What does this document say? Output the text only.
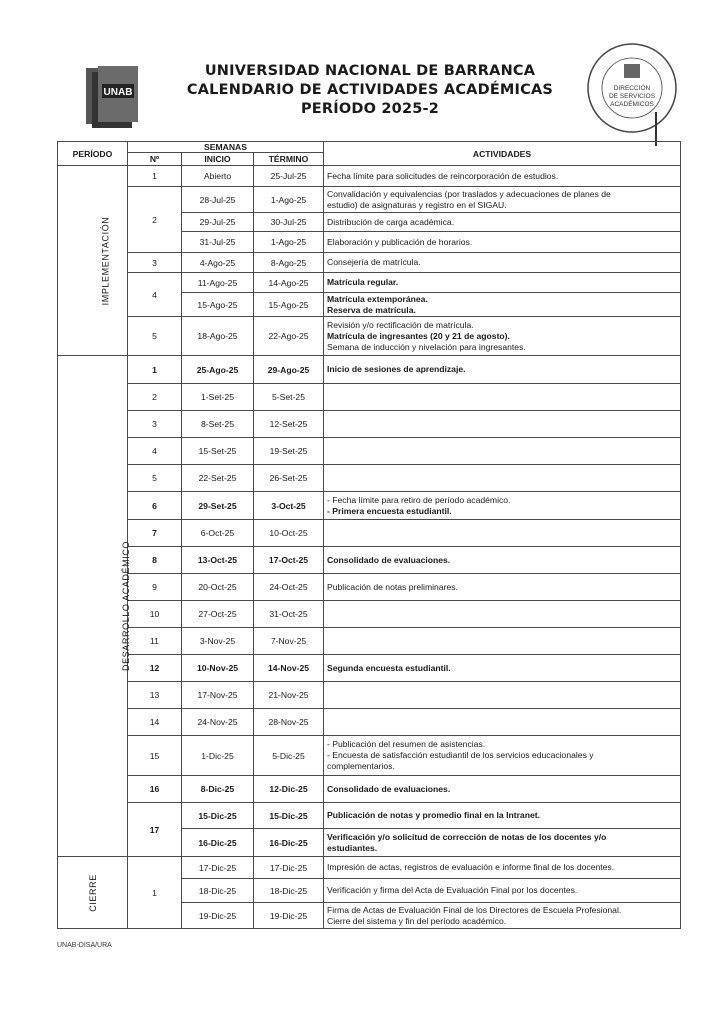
UNAB
UNIVERSIDAD NACIONAL DE BARRANCA
CALENDARIO DE ACTIVIDADES ACADÉMICAS
PERÍODO 2025-2
DIRECCIÓN
DE SERVICIOS
ACADÉMICOS
PERÍODO	SEMANAS			ACTIVIDADES
	Nº	INICIO	TÉRMINO	
IMPLEMENTACIÓN	1	Abierto	25-Jul-25	Fecha límite para solicitudes de reincorporación de estudios.

	2	28-Jul-25	1-Ago-25	Convalidación y equivalencias (por traslados y adecuaciones de planes de
estudio) de asignaturas y registro en el SIGAU.

		29-Jul-25	30-Jul-25	Distribución de carga académica.

		31-Jul-25	1-Ago-25	Elaboración y publicación de horarios.

	3	4-Ago-25	8-Ago-25	Consejería de matrícula.

	4	11-Ago-25	14-Ago-25	Matrícula regular.

		15-Ago-25	15-Ago-25	Matrícula extemporánea.
Reserva de matrícula.

	5	18-Ago-25	22-Ago-25	Revisión y/o rectificación de matrícula.
Matrícula de ingresantes (20 y 21 de agosto).
Semana de inducción y nivelación para ingresantes.

DESARROLLO ACADÉMICO	1	25-Ago-25	29-Ago-25	Inicio de sesiones de aprendizaje.

	2	1-Set-25	5-Set-25	
	3	8-Set-25	12-Set-25	
	4	15-Set-25	19-Set-25	
	5	22-Set-25	26-Set-25	
	6	29-Set-25	3-Oct-25	- Fecha límite para retiro de período académico.
- Primera encuesta estudiantil.

	7	6-Oct-25	10-Oct-25	
	8	13-Oct-25	17-Oct-25	Consolidado de evaluaciones.

	9	20-Oct-25	24-Oct-25	Publicación de notas preliminares.

	10	27-Oct-25	31-Oct-25	
	11	3-Nov-25	7-Nov-25	
	12	10-Nov-25	14-Nov-25	Segunda encuesta estudiantil.

	13	17-Nov-25	21-Nov-25	
	14	24-Nov-25	28-Nov-25	
	15	1-Dic-25	5-Dic-25	- Publicación del resumen de asistencias.
- Encuesta de satisfacción estudiantil de los servicios educacionales y
complementarios.

	16	8-Dic-25	12-Dic-25	Consolidado de evaluaciones.

	17	15-Dic-25	15-Dic-25	Publicación de notas y promedio final en la Intranet.

		16-Dic-25	16-Dic-25	Verificación y/o solicitud de corrección de notas de los docentes y/o
estudiantes.

CIERRE	1	17-Dic-25	17-Dic-25	Impresión de actas, registros de evaluación e informe final de los docentes.

		18-Dic-25	18-Dic-25	Verificación y firma del Acta de Evaluación Final por los docentes.

		19-Dic-25	19-Dic-25	Firma de Actas de Evaluación Final de los Directores de Escuela Profesional.
Cierre del sistema y fin del período académico.
UNAB-DISA/URA
